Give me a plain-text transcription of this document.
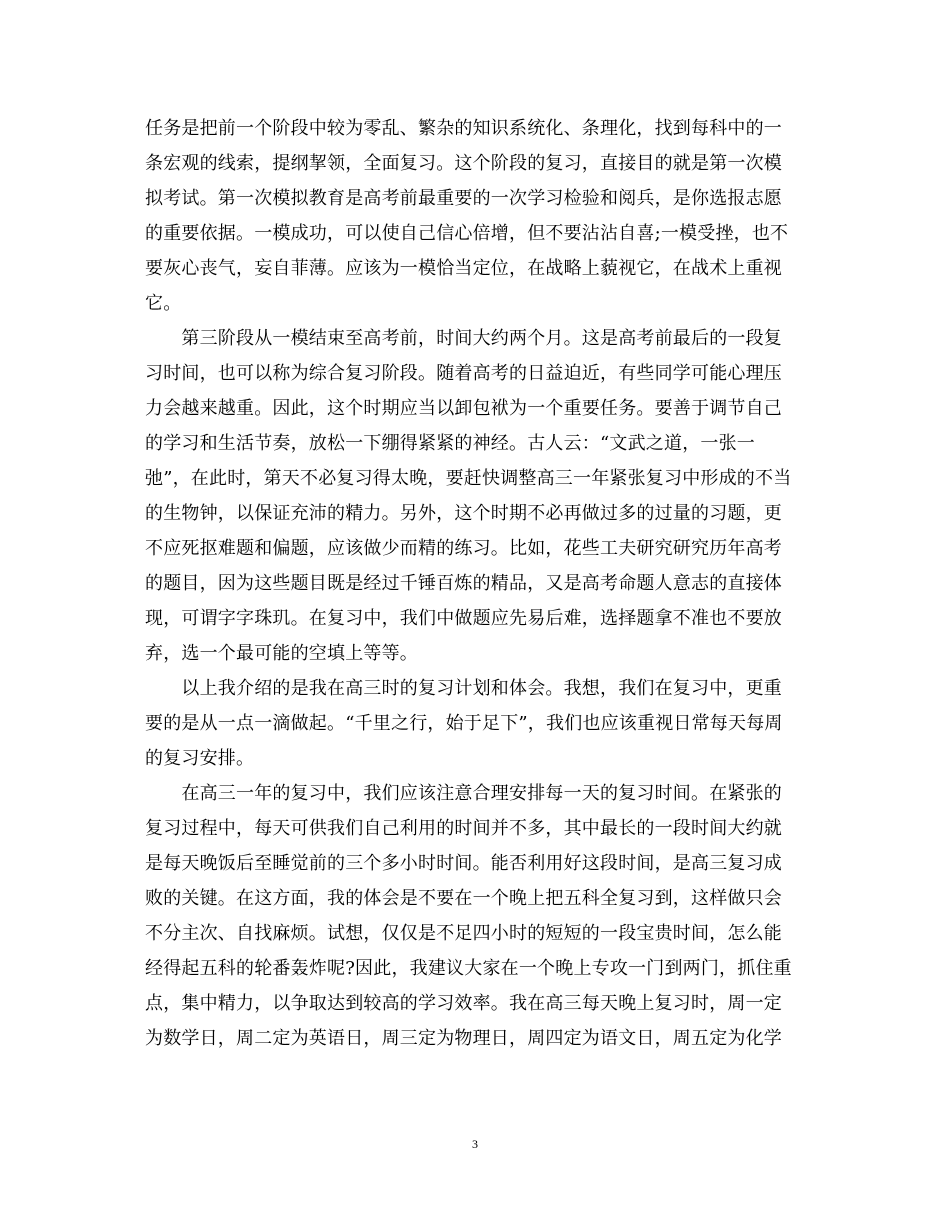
任务是把前一个阶段中较为零乱、繁杂的知识系统化、条理化，找到每科中的一
条宏观的线索，提纲挈领，全面复习。这个阶段的复习，直接目的就是第一次模
拟考试。第一次模拟教育是高考前最重要的一次学习检验和阅兵，是你选报志愿
的重要依据。一模成功，可以使自己信心倍增，但不要沾沾自喜;一模受挫，也不
要灰心丧气，妄自菲薄。应该为一模恰当定位，在战略上藐视它，在战术上重视
它。
　　第三阶段从一模结束至高考前，时间大约两个月。这是高考前最后的一段复
习时间，也可以称为综合复习阶段。随着高考的日益迫近，有些同学可能心理压
力会越来越重。因此，这个时期应当以卸包袱为一个重要任务。要善于调节自己
的学习和生活节奏，放松一下绷得紧紧的神经。古人云：“文武之道，一张一
弛”，在此时，第天不必复习得太晚，要赶快调整高三一年紧张复习中形成的不当
的生物钟，以保证充沛的精力。另外，这个时期不必再做过多的过量的习题，更
不应死抠难题和偏题，应该做少而精的练习。比如，花些工夫研究研究历年高考
的题目，因为这些题目既是经过千锤百炼的精品，又是高考命题人意志的直接体
现，可谓字字珠玑。在复习中，我们中做题应先易后难，选择题拿不准也不要放
弃，选一个最可能的空填上等等。
　　以上我介绍的是我在高三时的复习计划和体会。我想，我们在复习中，更重
要的是从一点一滴做起。“千里之行，始于足下”，我们也应该重视日常每天每周
的复习安排。
　　在高三一年的复习中，我们应该注意合理安排每一天的复习时间。在紧张的
复习过程中，每天可供我们自己利用的时间并不多，其中最长的一段时间大约就
是每天晚饭后至睡觉前的三个多小时时间。能否利用好这段时间，是高三复习成
败的关键。在这方面，我的体会是不要在一个晚上把五科全复习到，这样做只会
不分主次、自找麻烦。试想，仅仅是不足四小时的短短的一段宝贵时间，怎么能
经得起五科的轮番轰炸呢?因此，我建议大家在一个晚上专攻一门到两门，抓住重
点，集中精力，以争取达到较高的学习效率。我在高三每天晚上复习时，周一定
为数学日，周二定为英语日，周三定为物理日，周四定为语文日，周五定为化学
3
